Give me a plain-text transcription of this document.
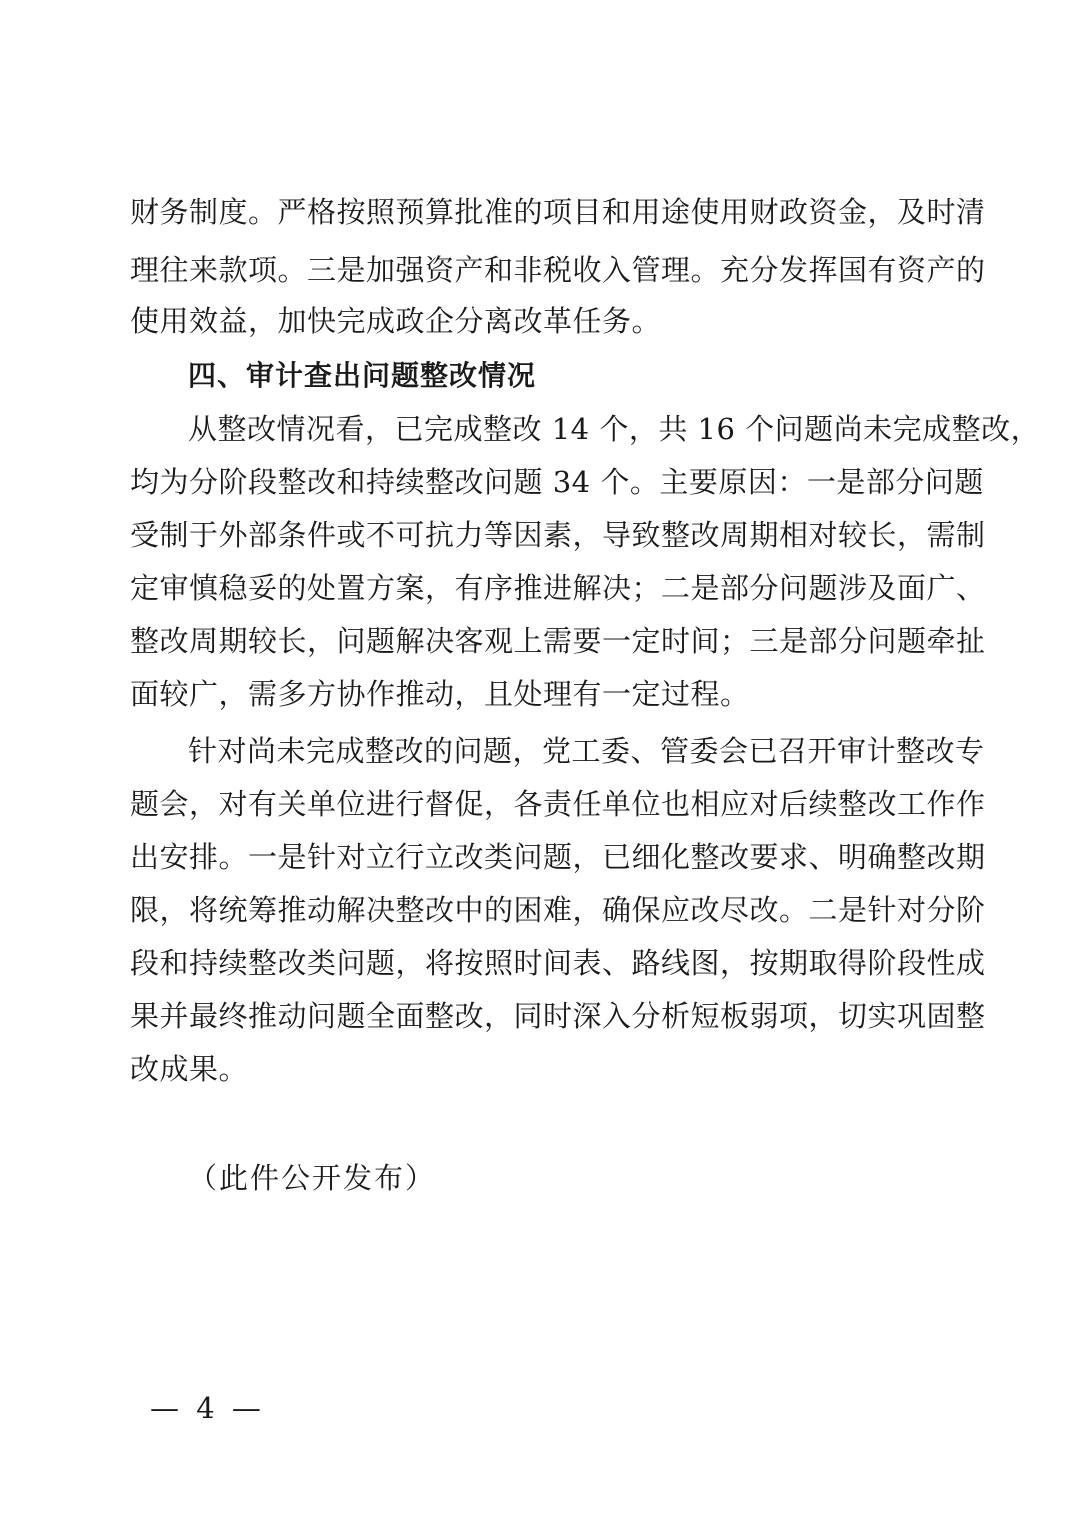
财务制度。严格按照预算批准的项目和用途使用财政资金，及时清
理往来款项。三是加强资产和非税收入管理。充分发挥国有资产的
使用效益，加快完成政企分离改革任务。
四、审计查出问题整改情况
从整改情况看，已完成整改 14 个，共 16 个问题尚未完成整改，
均为分阶段整改和持续整改问题 34 个。主要原因：一是部分问题
受制于外部条件或不可抗力等因素，导致整改周期相对较长，需制
定审慎稳妥的处置方案，有序推进解决；二是部分问题涉及面广、
整改周期较长，问题解决客观上需要一定时间；三是部分问题牵扯
面较广，需多方协作推动，且处理有一定过程。
针对尚未完成整改的问题，党工委、管委会已召开审计整改专
题会，对有关单位进行督促，各责任单位也相应对后续整改工作作
出安排。一是针对立行立改类问题，已细化整改要求、明确整改期
限，将统筹推动解决整改中的困难，确保应改尽改。二是针对分阶
段和持续整改类问题，将按照时间表、路线图，按期取得阶段性成
果并最终推动问题全面整改，同时深入分析短板弱项，切实巩固整
改成果。
（此件公开发布）
— 4 —
